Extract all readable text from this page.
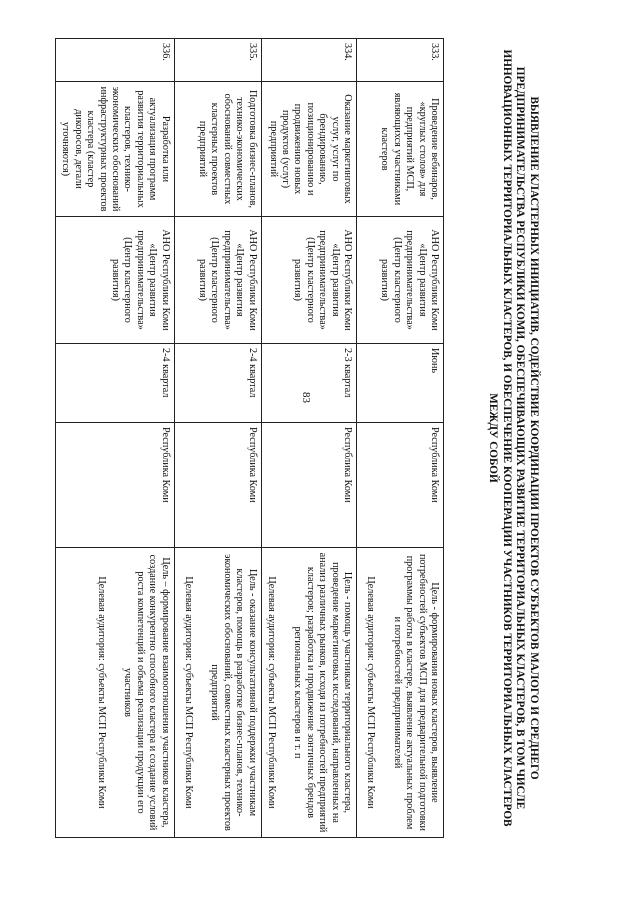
83	ВЫЯВЛЕНИЕ КЛАСТЕРНЫХ ИНИЦИАТИВ, СОДЕЙСТВИЕ КООРДИНАЦИИ ПРОЕКТОВ СУБЪЕКТОВ МАЛОГО И СРЕДНЕГО ПРЕДПРИНИМАТЕЛЬСТВА РЕСПУБЛИКИ КОМИ, ОБЕСПЕЧИВАЮЩИХ РАЗВИТИЕ ТЕРРИТОРИАЛЬНЫХ КЛАСТЕРОВ, В ТОМ ЧИСЛЕ ИННОВАЦИОННЫХ ТЕРРИТОРИАЛЬНЫХ КЛАСТЕРОВ, И ОБЕСПЕЧЕНИЕ КООПЕРАЦИИ УЧАСТНИКОВ ТЕРРИТОРИАЛЬНЫХ КЛАСТЕРОВ МЕЖДУ СОБОЙ
333.	Проведение вебинаров, «круглых столов» для предприятий МСП, являющихся участниками кластеров	АНО Республики Коми «Центр развития предпринимательства» (Центр кластерного развития)	Июнь	Республика Коми	Цель - формирования новых кластеров, выявление потребностей субъектов МСП для предварительной подготовки программы работы в кластере, выявление актуальных проблем и потребностей предпринимателей
Целевая аудитория: субъекты МСП Республики Коми

334.	Оказание маркетинговых услуг, услуг по брендированию, позиционированию и продвижению новых продуктов (услуг) предприятий	АНО Республики Коми «Центр развития предпринимательства» (Центр кластерного развития)	2-3 квартал	Республика Коми	Цель - помощь участникам территориального кластера, проведение маркетинговых исследований, направленных на анализ различных рынков, исходя из потребностей предприятий кластеров; разработка и продвижение зонтичных брендов региональных кластеров и т. п
Целевая аудитория: субъекты МСП Республики Коми

335.	Подготовка бизнес-планов, технико-экономических обоснований совместных кластерных проектов предприятий	АНО Республики Коми «Центр развития предпринимательства» (Центр кластерного развития)	2-4 квартал	Республика Коми	Цель - оказание консультативной поддержки участникам кластеров, помощь в разработке бизнес-планов, технико-экономических обоснований, совместных кластерных проектов предприятий
Целевая аудитория: субъекты МСП Республики Коми

336.	Разработка или актуализация программ развития территориальных кластеров, технико-экономических обоснований инфраструктурных проектов кластера (кластер дикоросов, детали уточняются)	АНО Республики Коми «Центр развития предпринимательства» (Центр кластерного развития)	2-4 квартал	Республика Коми	Цель – формирование взаимоотношения участников кластера, создание конкурентно способного кластера и создание условий роста компетенций и объема реализации продукции его участников
Целевая аудитория: субъекты МСП Республики Коми
